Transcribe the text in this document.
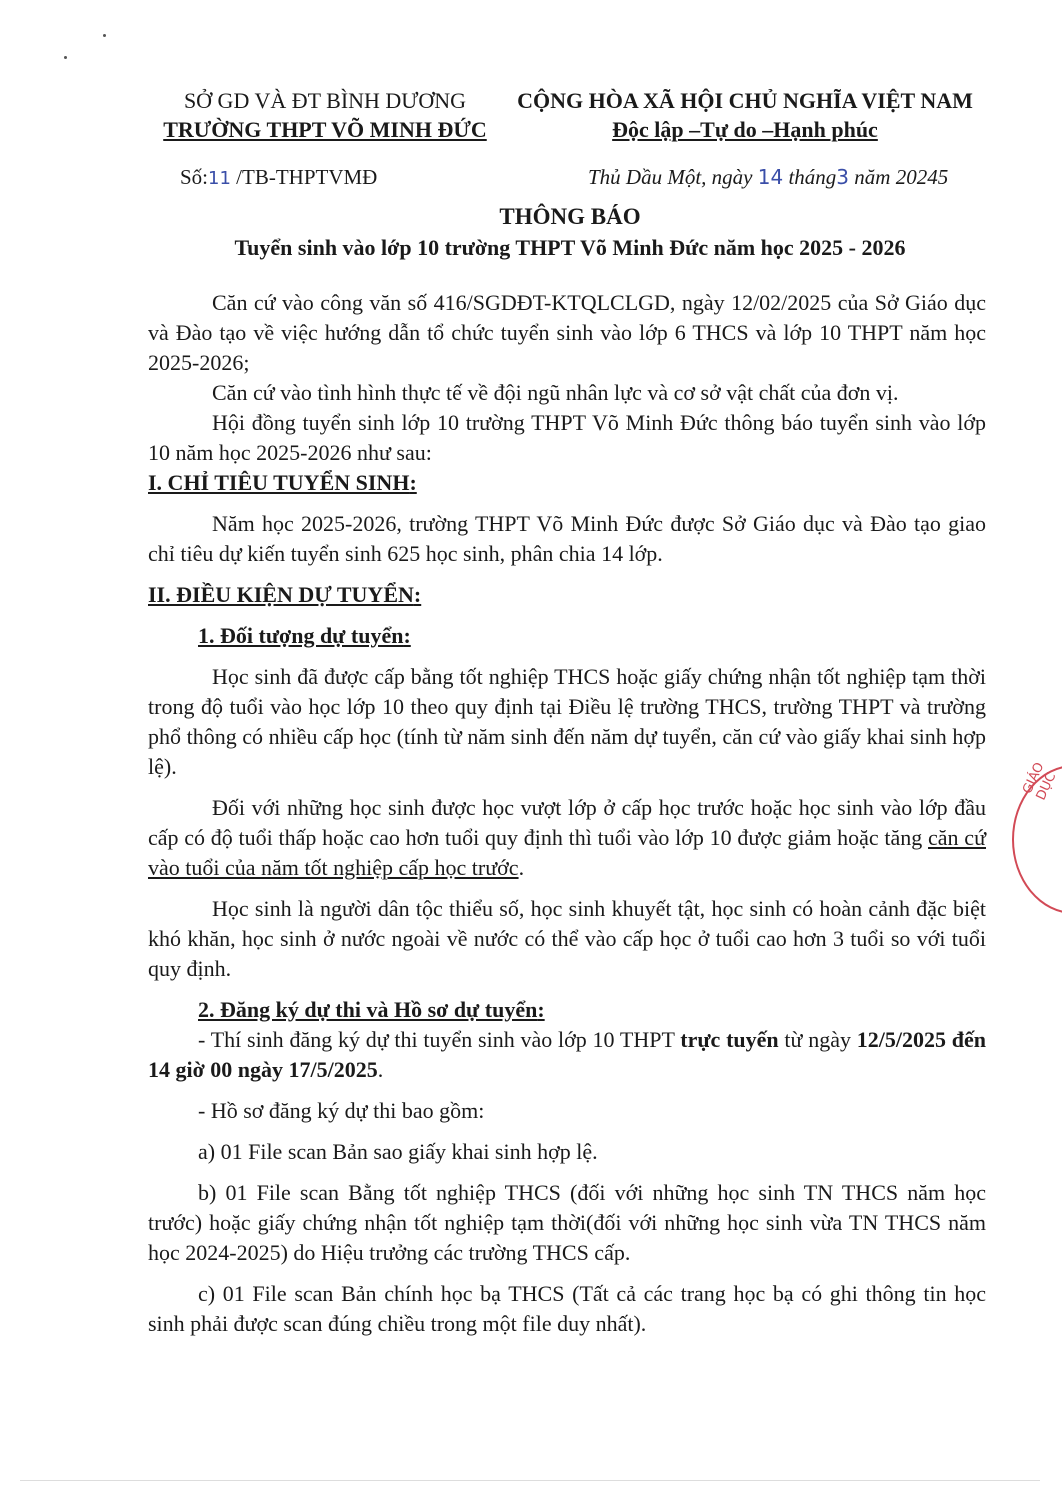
SỞ GD VÀ ĐT BÌNH DƯƠNG
TRƯỜNG THPT VÕ MINH ĐỨC
CỘNG HÒA XÃ HỘI CHỦ NGHĨA VIỆT NAM
Độc lập –Tự do –Hạnh phúc
Số:11 /TB-THPTVMĐ	Thủ Dầu Một, ngày 14 tháng3 năm 20245
THÔNG BÁO
Tuyển sinh vào lớp 10 trường THPT Võ Minh Đức năm học 2025 - 2026

Căn cứ vào công văn số 416/SGDĐT-KTQLCLGD, ngày 12/02/2025 của Sở Giáo dục và Đào tạo về việc hướng dẫn tổ chức tuyển sinh vào lớp 6 THCS và lớp 10 THPT năm học 2025-2026;

Căn cứ vào tình hình thực tế về đội ngũ nhân lực và cơ sở vật chất của đơn vị.

Hội đồng tuyển sinh lớp 10 trường THPT Võ Minh Đức thông báo tuyển sinh vào lớp 10 năm học 2025-2026 như sau:

I. CHỈ TIÊU TUYỂN SINH:

Năm học 2025-2026, trường THPT Võ Minh Đức được Sở Giáo dục và Đào tạo giao chỉ tiêu dự kiến tuyển sinh 625 học sinh, phân chia 14 lớp.

II. ĐIỀU KIỆN DỰ TUYỂN:

1. Đối tượng dự tuyển:

Học sinh đã được cấp bằng tốt nghiệp THCS hoặc giấy chứng nhận tốt nghiệp tạm thời trong độ tuổi vào học lớp 10 theo quy định tại Điều lệ trường THCS, trường THPT và trường phổ thông có nhiều cấp học (tính từ năm sinh đến năm dự tuyển, căn cứ vào giấy khai sinh hợp lệ).

Đối với những học sinh được học vượt lớp ở cấp học trước hoặc học sinh vào lớp đầu cấp có độ tuổi thấp hoặc cao hơn tuổi quy định thì tuổi vào lớp 10 được giảm hoặc tăng căn cứ vào tuổi của năm tốt nghiệp cấp học trước.

Học sinh là người dân tộc thiểu số, học sinh khuyết tật, học sinh có hoàn cảnh đặc biệt khó khăn, học sinh ở nước ngoài về nước có thể vào cấp học ở tuổi cao hơn 3 tuổi so với tuổi quy định.

2. Đăng ký dự thi và Hồ sơ dự tuyển:

- Thí sinh đăng ký dự thi tuyển sinh vào lớp 10 THPT trực tuyến từ ngày 12/5/2025 đến 14 giờ 00 ngày 17/5/2025.

- Hồ sơ đăng ký dự thi bao gồm:

a) 01 File scan Bản sao giấy khai sinh hợp lệ.

b) 01 File scan Bằng tốt nghiệp THCS (đối với những học sinh TN THCS năm học trước) hoặc giấy chứng nhận tốt nghiệp tạm thời(đối với những học sinh vừa TN THCS năm học 2024-2025) do Hiệu trưởng các trường THCS cấp.

c) 01 File scan Bản chính học bạ THCS (Tất cả các trang học bạ có ghi thông tin học sinh phải được scan đúng chiều trong một file duy nhất).

GIÁO DỤC
